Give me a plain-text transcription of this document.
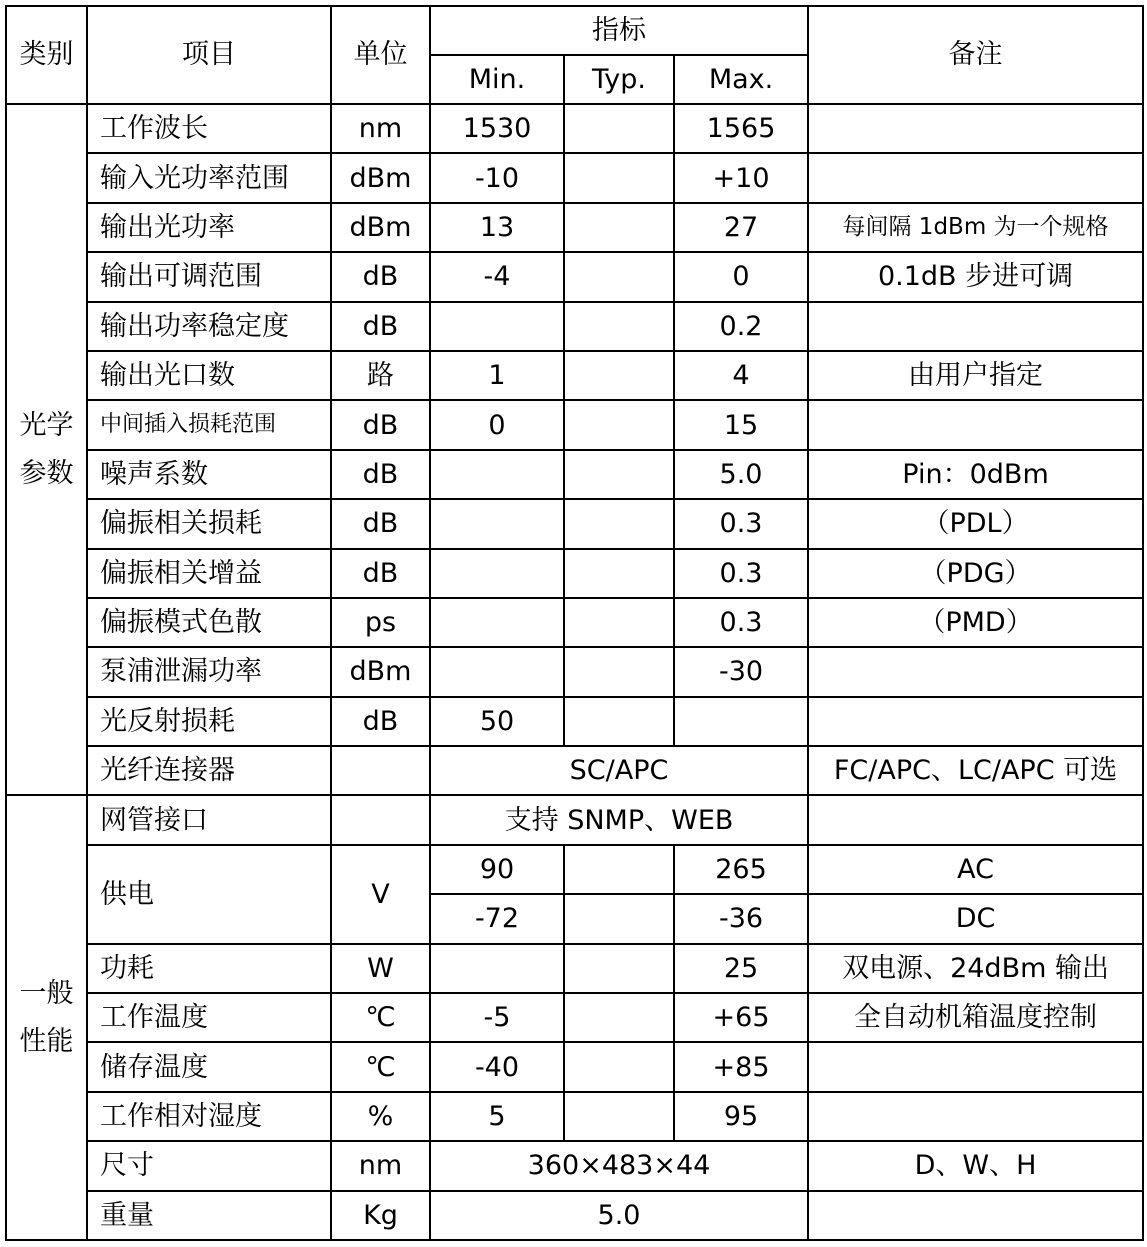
类别	项目	单位	指标			备注
			Min.	Typ.	Max.	
光学参数	工作波长	nm	1530		1565	
	输入光功率范围	dBm	-10		+10	
	输出光功率	dBm	13		27	每间隔 1dBm 为一个规格
	输出可调范围	dB	-4		0	0.1dB 步进可调
	输出功率稳定度	dB			0.2	
	输出光口数	路	1		4	由用户指定
	中间插入损耗范围	dB	0		15	
	噪声系数	dB			5.0	Pin：0dBm
	偏振相关损耗	dB			0.3	（PDL）
	偏振相关增益	dB			0.3	（PDG）
	偏振模式色散	ps			0.3	（PMD）
	泵浦泄漏功率	dBm			-30	
	光反射损耗	dB	50			
	光纤连接器		SC/APC			FC/APC、LC/APC 可选
一般性能	网管接口		支持 SNMP、WEB			
	供电	V	90		265	AC
			-72		-36	DC
	功耗	W			25	双电源、24dBm 输出
	工作温度	℃	-5		+65	全自动机箱温度控制
	储存温度	℃	-40		+85	
	工作相对湿度	%	5		95	
	尺寸	nm	360×483×44			D、W、H
	重量	Kg	5.0			
